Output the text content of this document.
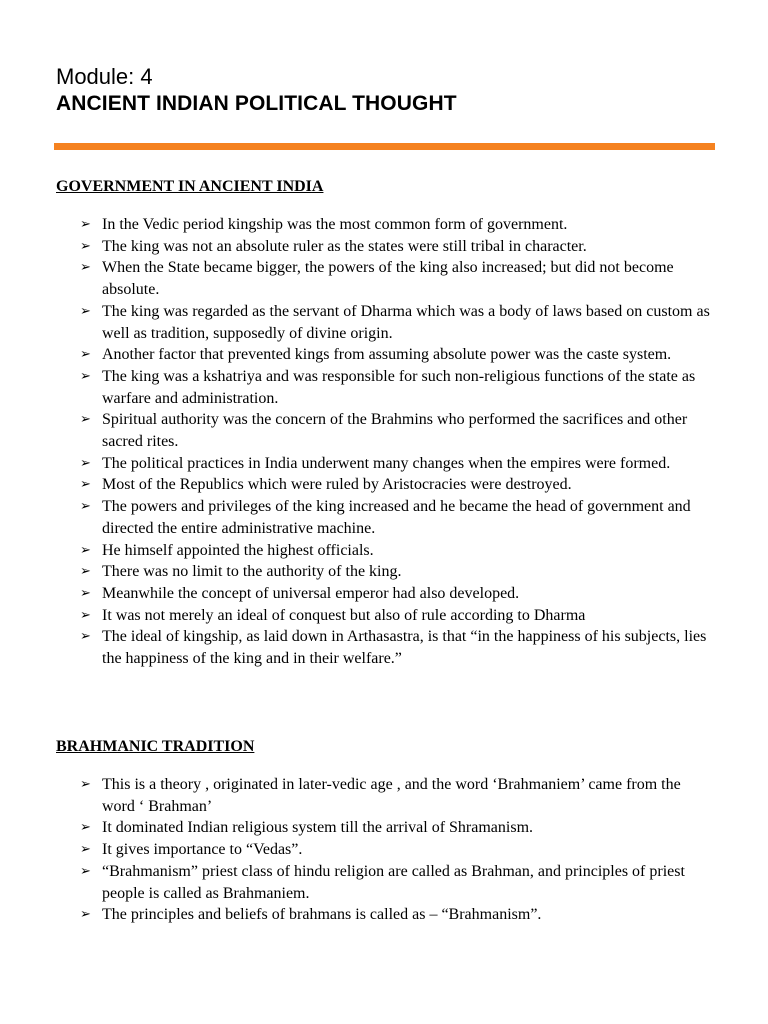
Module: 4
ANCIENT INDIAN POLITICAL THOUGHT
GOVERNMENT IN ANCIENT INDIA
➢ In the Vedic period kingship was the most common form of government.
➢ The king was not an absolute ruler as the states were still tribal in character.
➢ When the State became bigger, the powers of the king also increased; but did not become absolute.
➢ The king was regarded as the servant of Dharma which was a body of laws based on custom as well as tradition, supposedly of divine origin.
➢ Another factor that prevented kings from assuming absolute power was the caste system.
➢ The king was a kshatriya and was responsible for such non-religious functions of the state as warfare and administration.
➢ Spiritual authority was the concern of the Brahmins who performed the sacrifices and other sacred rites.
➢ The political practices in India underwent many changes when the empires were formed.
➢ Most of the Republics which were ruled by Aristocracies were destroyed.
➢ The powers and privileges of the king increased and he became the head of government and directed the entire administrative machine.
➢ He himself appointed the highest officials.
➢ There was no limit to the authority of the king.
➢ Meanwhile the concept of universal emperor had also developed.
➢ It was not merely an ideal of conquest but also of rule according to Dharma
➢ The ideal of kingship, as laid down in Arthasastra, is that “in the happiness of his subjects, lies the happiness of the king and in their welfare.”
BRAHMANIC TRADITION
➢ This is a theory , originated in later-vedic age , and the word ‘Brahmaniem’ came from the word ‘ Brahman’
➢ It dominated Indian religious system till the arrival of Shramanism.
➢ It gives importance to “Vedas”.
➢ “Brahmanism” priest class of hindu religion are called as Brahman, and principles of priest people is called as Brahmaniem.
➢ The principles and beliefs of brahmans is called as – “Brahmanism”.
